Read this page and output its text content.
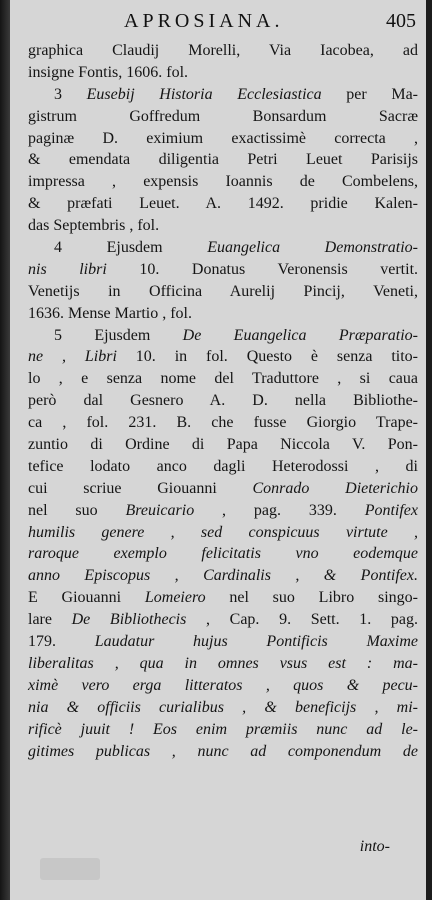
APROSIANA.	405
graphica Claudij Morelli, Via Iacobea, ad
insigne Fontis, 1606. fol.
3 Eusebij Historia Ecclesiastica per Ma-
gistrum Goffredum Bonsardum Sacræ
paginæ D. eximium exactissimè correcta ,
& emendata diligentia Petri Leuet Parisijs
impressa , expensis Ioannis de Combelens,
& præfati Leuet. A. 1492. pridie Kalen-
das Septembris , fol.
4 Ejusdem Euangelica Demonstratio-
nis libri 10. Donatus Veronensis vertit.
Venetijs in Officina Aurelij Pincij, Veneti,
1636. Mense Martio , fol.
5 Ejusdem De Euangelica Præparatio-
ne , Libri 10. in fol. Questo è senza tito-
lo , e senza nome del Traduttore , si caua
però dal Gesnero A. D. nella Bibliothe-
ca , fol. 231. B. che fusse Giorgio Trape-
zuntio di Ordine di Papa Niccola V. Pon-
tefice lodato anco dagli Heterodossi , di
cui scriue Giouanni Conrado Dieterichio
nel suo Breuicario , pag. 339. Pontifex
humilis genere , sed conspicuus virtute ,
raroque exemplo felicitatis vno eodemque
anno Episcopus , Cardinalis , & Pontifex.
E Giouanni Lomeiero nel suo Libro singo-
lare De Bibliothecis , Cap. 9. Sett. 1. pag.
179. Laudatur hujus Pontificis Maxime
liberalitas , qua in omnes vsus est : ma-
ximè vero erga litteratos , quos & pecu-
nia & officiis curialibus , & beneficijs , mi-
rificè juuit ! Eos enim præmiis nunc ad le-
gitimes publicas , nunc ad componendum de
into-
